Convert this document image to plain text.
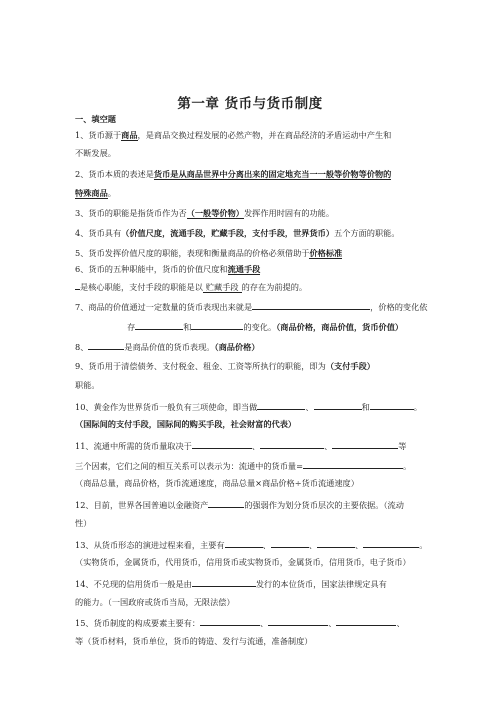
第一章 货币与货币制度
一、填空题
1、货币源于商品，是商品交换过程发展的必然产物，并在商品经济的矛盾运动中产生和
不断发展。
2、货币本质的表述是货币是从商品世界中分离出来的固定地充当一一般等价物等价物的
特殊商品。
3、货币的职能是指货币作为否（一般等价物）发挥作用时固有的功能。
4、货币具有（价值尺度，流通手段，贮藏手段，支付手段，世界货币）五个方面的职能。
5、货币发挥价值尺度的职能，表现和衡量商品的价格必须借助于价格标准
6、货币的五种职能中，货币的价值尺度和流通手段
是核心职能，支付手段的职能是以 贮藏手段 的存在为前提的。
7、商品的价值通过一定数量的货币表现出来就是	，价格的变化依
存	和	的变化。（商品价格，商品价值，货币价值）
8、	是商品价值的货币表现。（商品价格）
9、货币用于清偿债务、支付税金、租金、工资等所执行的职能，即为（支付手段）
职能。
10、黄金作为世界货币一般负有三项使命，即当做	、	和	。
（国际间的支付手段，国际间的购买手段，社会财富的代表）
11、流通中所需的货币量取决于	、	、	等
三个因素，它们之间的相互关系可以表示为：流通中的货币量=	。
（商品总量，商品价格，货币流通速度，商品总量×商品价格÷货币流通速度）
12、目前，世界各国普遍以金融资产	的强弱作为划分货币层次的主要依据。（流动
性）
13、从货币形态的演进过程来看，主要有	、	、	、	。
（实物货币，金属货币，代用货币，信用货币或实物货币，金属货币，信用货币，电子货币）
14、不兑现的信用货币一般是由	发行的本位货币，国家法律规定具有
的能力。（一国政府或货币当局，无限法偿）
15、货币制度的构成要素主要有：	、	、	、
等（货币材料，货币单位，货币的铸造、发行与流通，准备制度）
